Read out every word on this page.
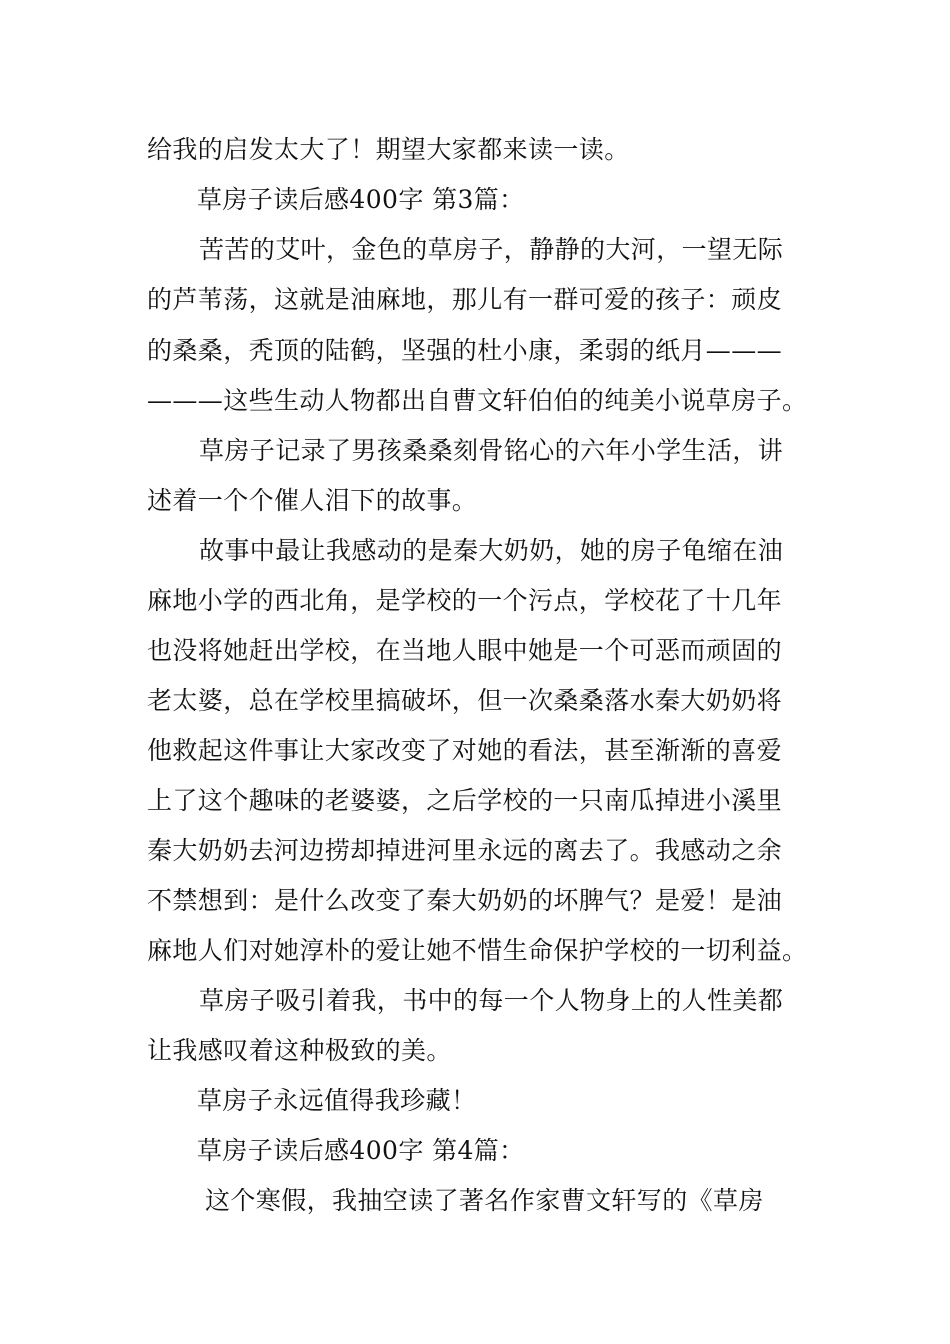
给我的启发太大了！期望大家都来读一读。
草房子读后感400字 第3篇：
苦苦的艾叶，金色的草房子，静静的大河，一望无际
的芦苇荡，这就是油麻地，那儿有一群可爱的孩子：顽皮
的桑桑，秃顶的陆鹤，坚强的杜小康，柔弱的纸月———
———这些生动人物都出自曹文轩伯伯的纯美小说草房子。
草房子记录了男孩桑桑刻骨铭心的六年小学生活，讲
述着一个个催人泪下的故事。
故事中最让我感动的是秦大奶奶，她的房子龟缩在油
麻地小学的西北角，是学校的一个污点，学校花了十几年
也没将她赶出学校，在当地人眼中她是一个可恶而顽固的
老太婆，总在学校里搞破坏，但一次桑桑落水秦大奶奶将
他救起这件事让大家改变了对她的看法，甚至渐渐的喜爱
上了这个趣味的老婆婆，之后学校的一只南瓜掉进小溪里
秦大奶奶去河边捞却掉进河里永远的离去了。我感动之余
不禁想到：是什么改变了秦大奶奶的坏脾气？是爱！是油
麻地人们对她淳朴的爱让她不惜生命保护学校的一切利益。
草房子吸引着我，书中的每一个人物身上的人性美都
让我感叹着这种极致的美。
草房子永远值得我珍藏！
草房子读后感400字 第4篇：
这个寒假，我抽空读了著名作家曹文轩写的《草房
